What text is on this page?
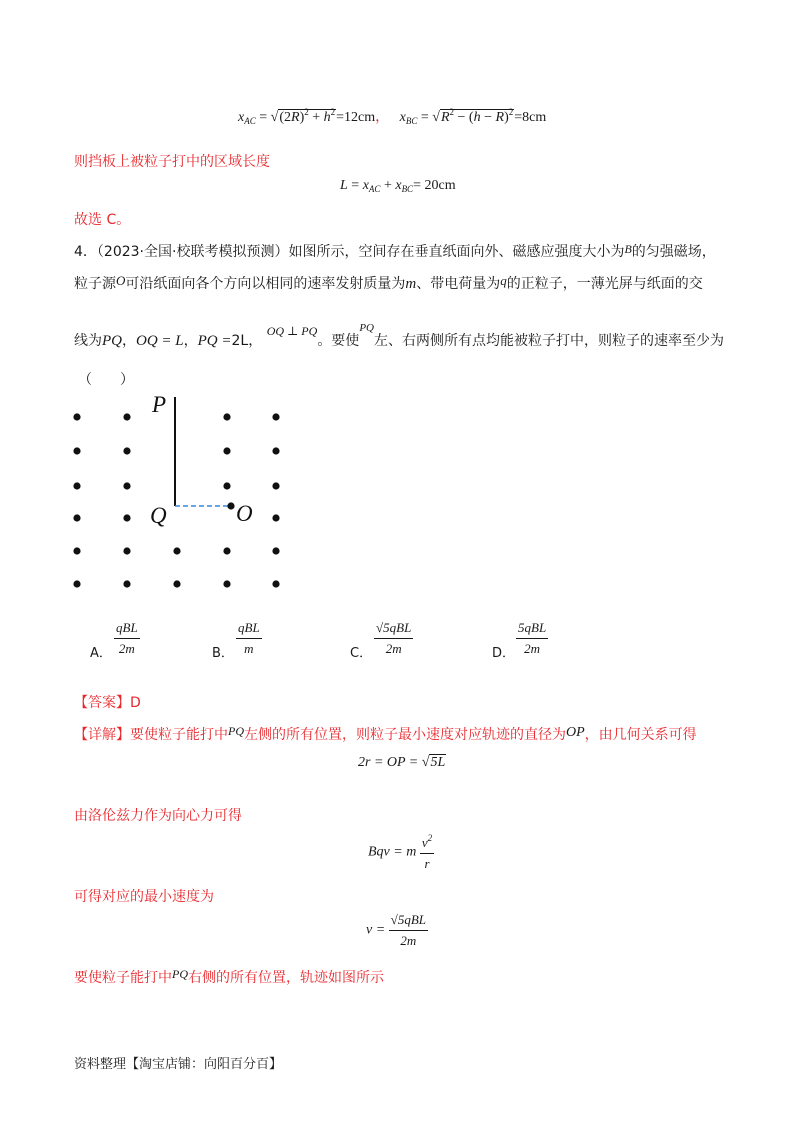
$x_{AC} = √(2R)^2 + h^2=12cm$， $x_{BC} = √R^2 - (h - R)^2=8cm$
则挡板上被粒子打中的区域长度
$L = x_{AC} + x_{BC}= 20cm$
故选 C。
4．（2023·全国·校联考模拟预测）如图所示，空间存在垂直纸面向外、磁感应强度大小为B的匀强磁场，
粒子源O可沿纸面向各个方向以相同的速率发射质量为m、带电荷量为q的正粒子，一薄光屏与纸面的交
线为PQ，OQ = L，PQ =2L， OQ ⊥ PQ。要使$^{PQ}$左、右两侧所有点均能被粒子打中，则粒子的速率至少为
（　　）
P
Q	O
A．
qBL
2m	B．
qBL
m	C．
√5qBL
2m	D．
5qBL
2m
【答案】D
【详解】要使粒子能打中PQ左侧的所有位置，则粒子最小速度对应轨迹的直径为OP，由几何关系可得
2r = OP = √5L
由洛伦兹力作为向心力可得
Bqv = m $\frac{v^2}{r}$
可得对应的最小速度为
$v = \frac{\text{√5qBL}}{2m}$
要使粒子能打中PQ右侧的所有位置，轨迹如图所示
资料整理【淘宝店铺：向阳百分百】
